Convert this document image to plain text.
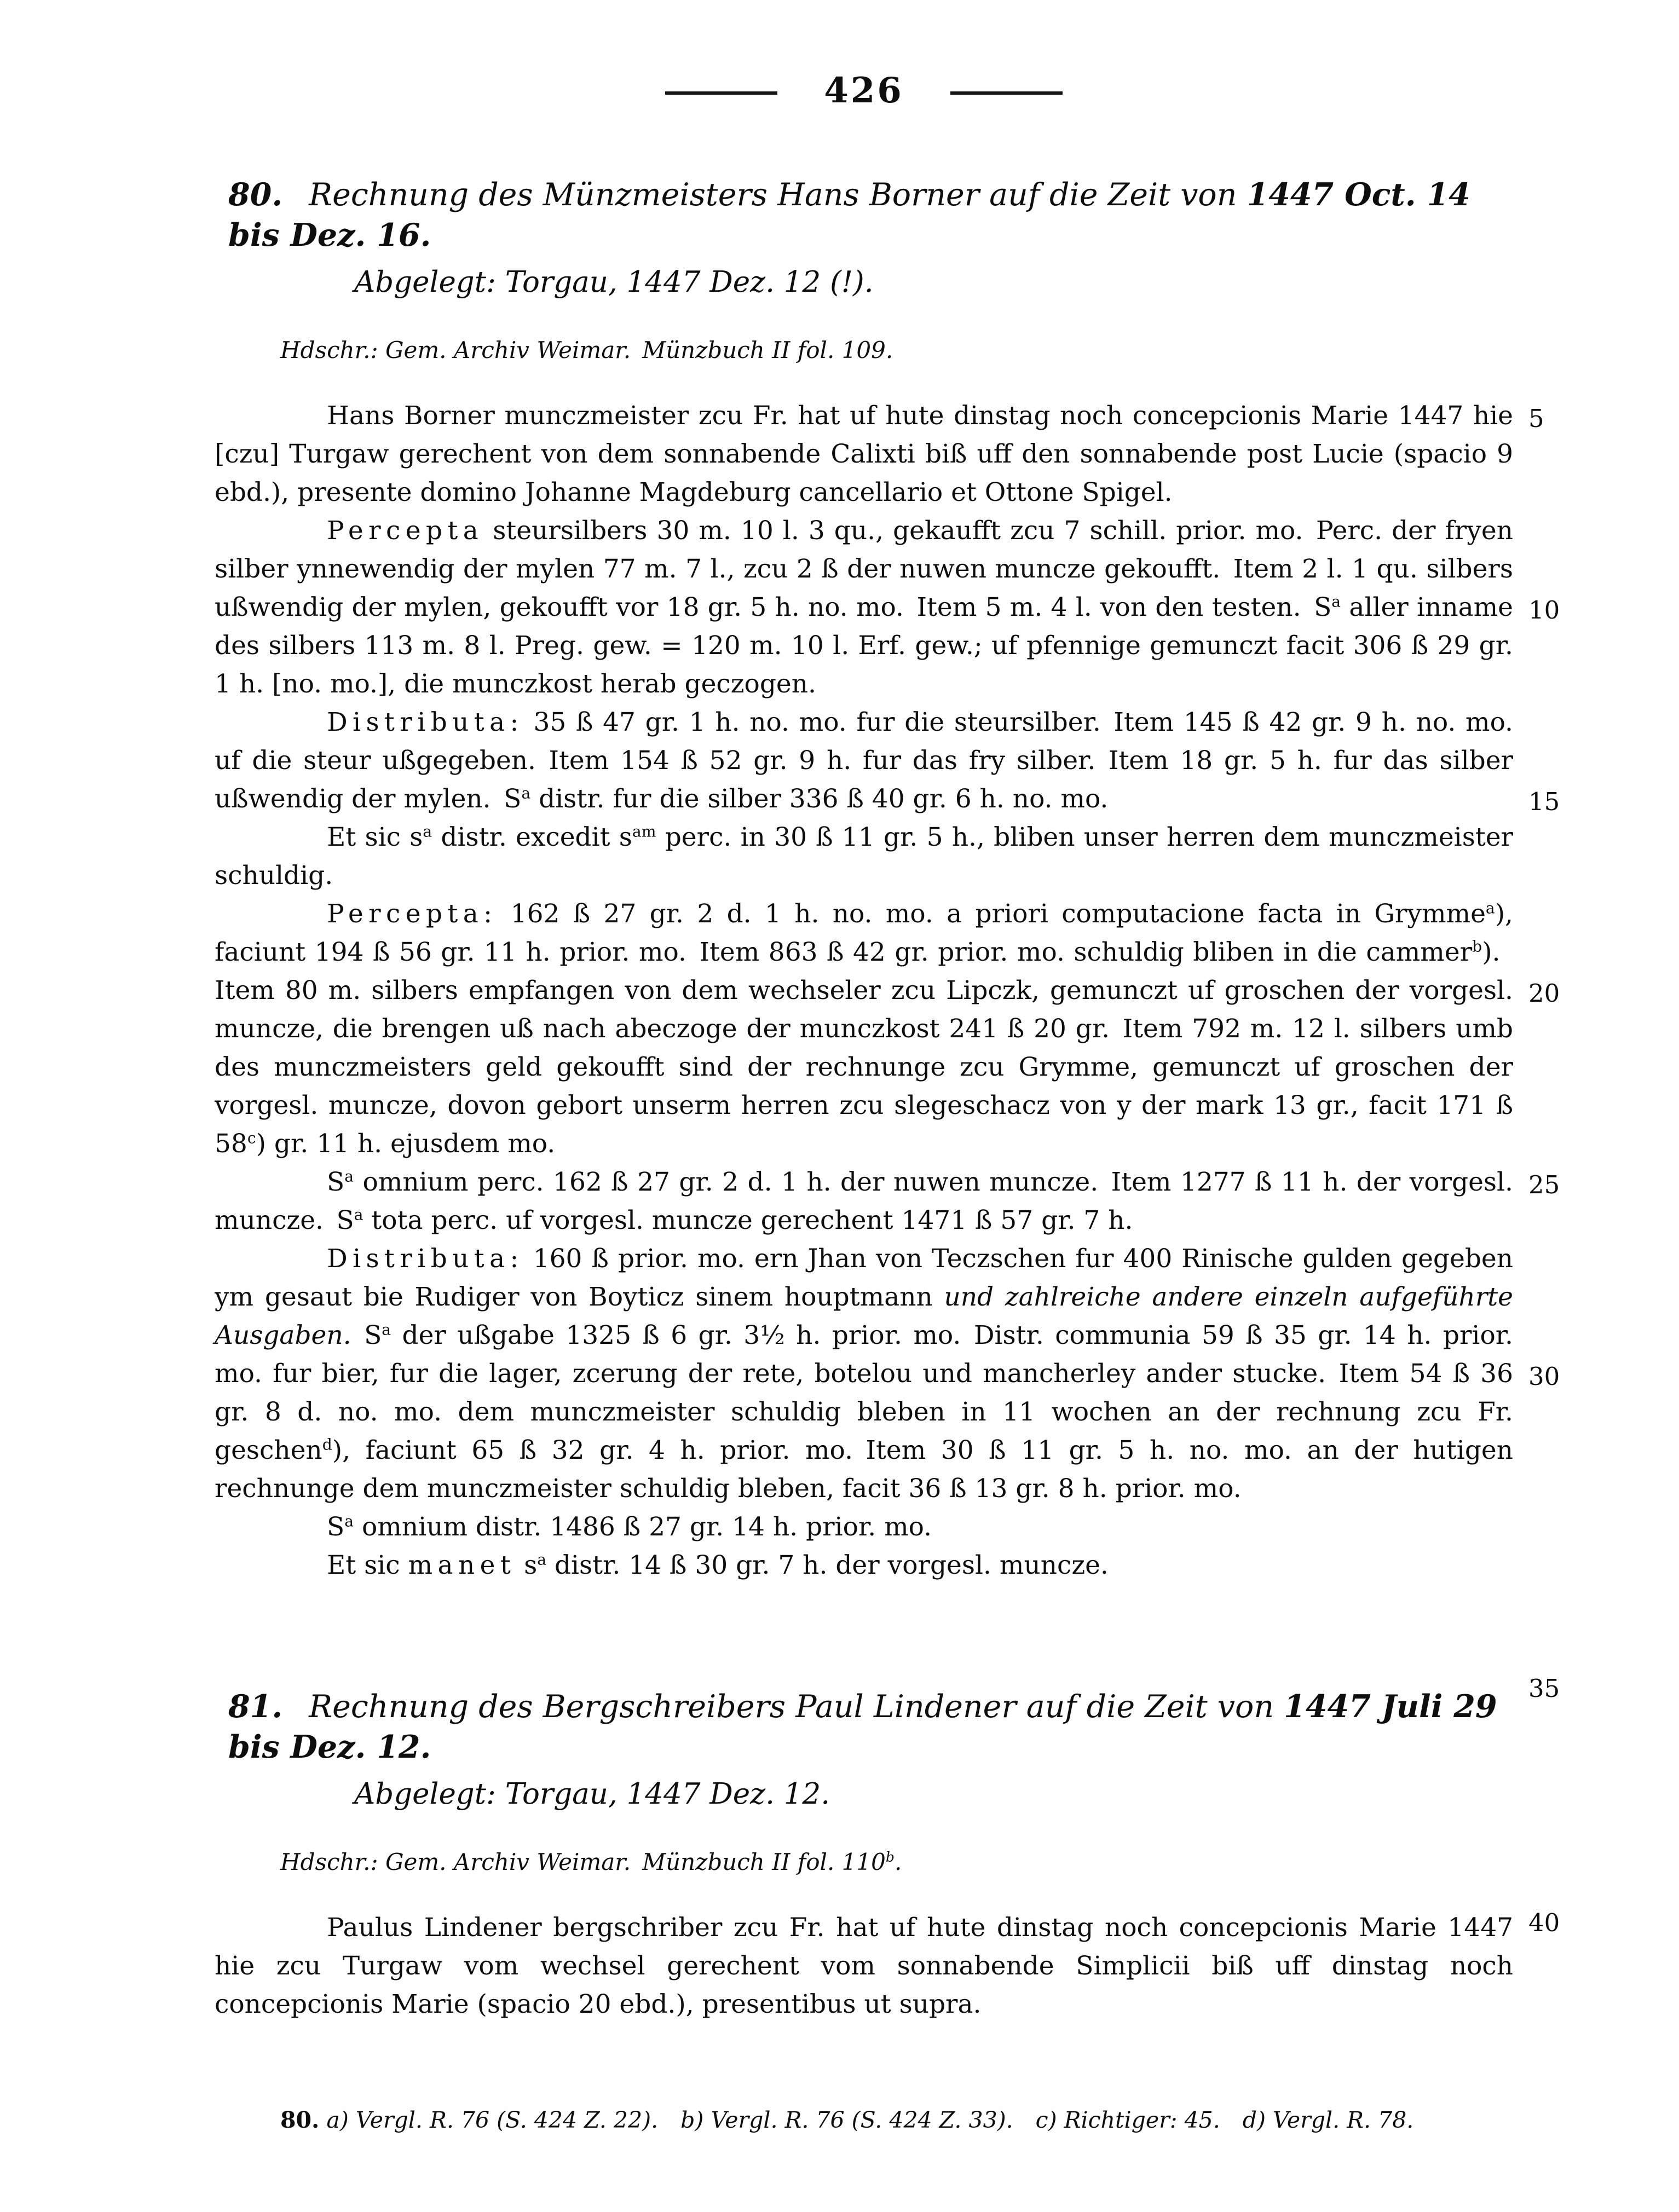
426
80. Rechnung des Münzmeisters Hans Borner auf die Zeit von 1447 Oct. 14 bis Dez. 16.
Abgelegt: Torgau, 1447 Dez. 12 (!).
Hdschr.: Gem. Archiv Weimar. Münzbuch II fol. 109.

Hans Borner munczmeister zcu Fr. hat uf hute dinstag noch concepcionis Marie 1447 hie [czu] Turgaw gerechent von dem sonnabende Calixti biß uff den sonnabende post Lucie (spacio 9 ebd.), presente domino Johanne Magdeburg cancellario et Ottone Spigel.

Percepta steursilbers 30 m. 10 l. 3 qu., gekaufft zcu 7 schill. prior. mo. Perc. der fryen silber ynnewendig der mylen 77 m. 7 l., zcu 2 ß der nuwen muncze gekoufft. Item 2 l. 1 qu. silbers ußwendig der mylen, gekoufft vor 18 gr. 5 h. no. mo. Item 5 m. 4 l. von den testen. $S^a$ aller inname des silbers 113 m. 8 l. Preg. gew. = 120 m. 10 l. Erf. gew.; uf pfennige gemunczt facit 306 ß 29 gr. 1 h. [no. mo.], die munczkost herab geczogen.

Distributa: 35 ß 47 gr. 1 h. no. mo. fur die steursilber. Item 145 ß 42 gr. 9 h. no. mo. uf die steur ußgegeben. Item 154 ß 52 gr. 9 h. fur das fry silber. Item 18 gr. 5 h. fur das silber ußwendig der mylen. $S^a$ distr. fur die silber 336 ß 40 gr. 6 h. no. mo.

Et sic $s^a$ distr. excedit $s^{am}$ perc. in 30 ß 11 gr. 5 h., bliben unser herren dem munczmeister schuldig.

Percepta: 162 ß 27 gr. 2 d. 1 h. no. mo. a priori computacione facta in Grymme$^a$), faciunt 194 ß 56 gr. 11 h. prior. mo. Item 863 ß 42 gr. prior. mo. schuldig bliben in die cammer$^b$). Item 80 m. silbers empfangen von dem wechseler zcu Lipczk, gemunczt uf groschen der vorgesl. muncze, die brengen uß nach abeczoge der munczkost 241 ß 20 gr. Item 792 m. 12 l. silbers umb des munczmeisters geld gekoufft sind der rechnunge zcu Grymme, gemunczt uf groschen der vorgesl. muncze, dovon gebort unserm herren zcu slegeschacz von y der mark 13 gr., facit 171 ß 58$^c$) gr. 11 h. ejusdem mo.

$S^a$ omnium perc. 162 ß 27 gr. 2 d. 1 h. der nuwen muncze. Item 1277 ß 11 h. der vorgesl. muncze. $S^a$ tota perc. uf vorgesl. muncze gerechent 1471 ß 57 gr. 7 h.

Distributa: 160 ß prior. mo. ern Jhan von Teczschen fur 400 Rinische gulden gegeben ym gesaut bie Rudiger von Boyticz sinem houptmann und zahlreiche andere einzeln aufgeführte Ausgaben. $S^a$ der ußgabe 1325 ß 6 gr. 3½ h. prior. mo. Distr. communia 59 ß 35 gr. 14 h. prior. mo. fur bier, fur die lager, zcerung der rete, botelou und mancherley ander stucke. Item 54 ß 36 gr. 8 d. no. mo. dem munczmeister schuldig bleben in 11 wochen an der rechnung zcu Fr. geschen$^d$), faciunt 65 ß 32 gr. 4 h. prior. mo. Item 30 ß 11 gr. 5 h. no. mo. an der hutigen rechnunge dem munczmeister schuldig bleben, facit 36 ß 13 gr. 8 h. prior. mo.

$S^a$ omnium distr. 1486 ß 27 gr. 14 h. prior. mo.

Et sic manet $s^a$ distr. 14 ß 30 gr. 7 h. der vorgesl. muncze.

81. Rechnung des Bergschreibers Paul Lindener auf die Zeit von 1447 Juli 29 bis Dez. 12.
Abgelegt: Torgau, 1447 Dez. 12.
Hdschr.: Gem. Archiv Weimar. Münzbuch II fol. 110$^b$.

Paulus Lindener bergschriber zcu Fr. hat uf hute dinstag noch concepcionis Marie 1447 hie zcu Turgaw vom wechsel gerechent vom sonnabende Simplicii biß uff dinstag noch concepcionis Marie (spacio 20 ebd.), presentibus ut supra.

80. a) Vergl. R. 76 (S. 424 Z. 22).  b) Vergl. R. 76 (S. 424 Z. 33).  c) Richtiger: 45.  d) Vergl. R. 78.
5
10
15
20
25
30
35
40
